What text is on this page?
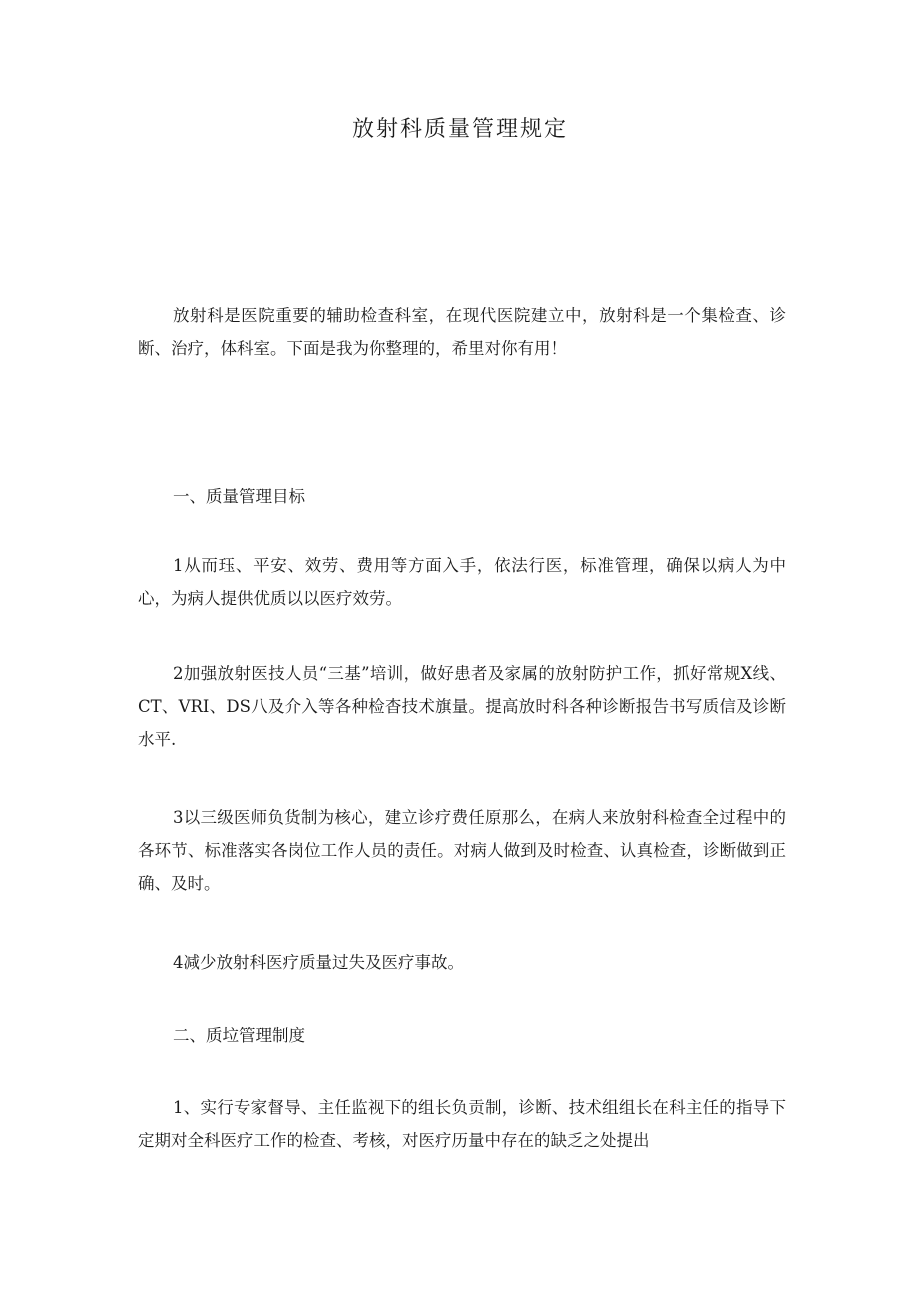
放射科质量管理规定

放射科是医院重要的辅助检查科室，在现代医院建立中，放射科是一个集检查、诊断、治疗，体科室。下面是我为你整理的，希里对你有用！

一、质量管理目标

1从而珏、平安、效劳、费用等方面入手，依法行医，标准管理，确保以病人为中心，为病人提供优质以以医疗效劳。

2加强放射医技人员“三基”培训，做好患者及家属的放射防护工作，抓好常规X线、CT、VRI、DS八及介入等各种检杳技术旗量。提高放时科各种诊断报告书写质信及诊断水平.

3以三级医师负货制为核心，建立诊疗费任原那么，在病人来放射科检查全过程中的各环节、标准落实各岗位工作人员的责任。对病人做到及时检查、认真检查，诊断做到正确、及时。

4减少放射科医疗质量过失及医疗事故。

二、质垃管理制度

1、实行专家督导、主任监视下的组长负贡制，诊断、技术组组长在科主任的指导下定期对全科医疗工作的检查、考核，对医疗历量中存在的缺乏之处提出
